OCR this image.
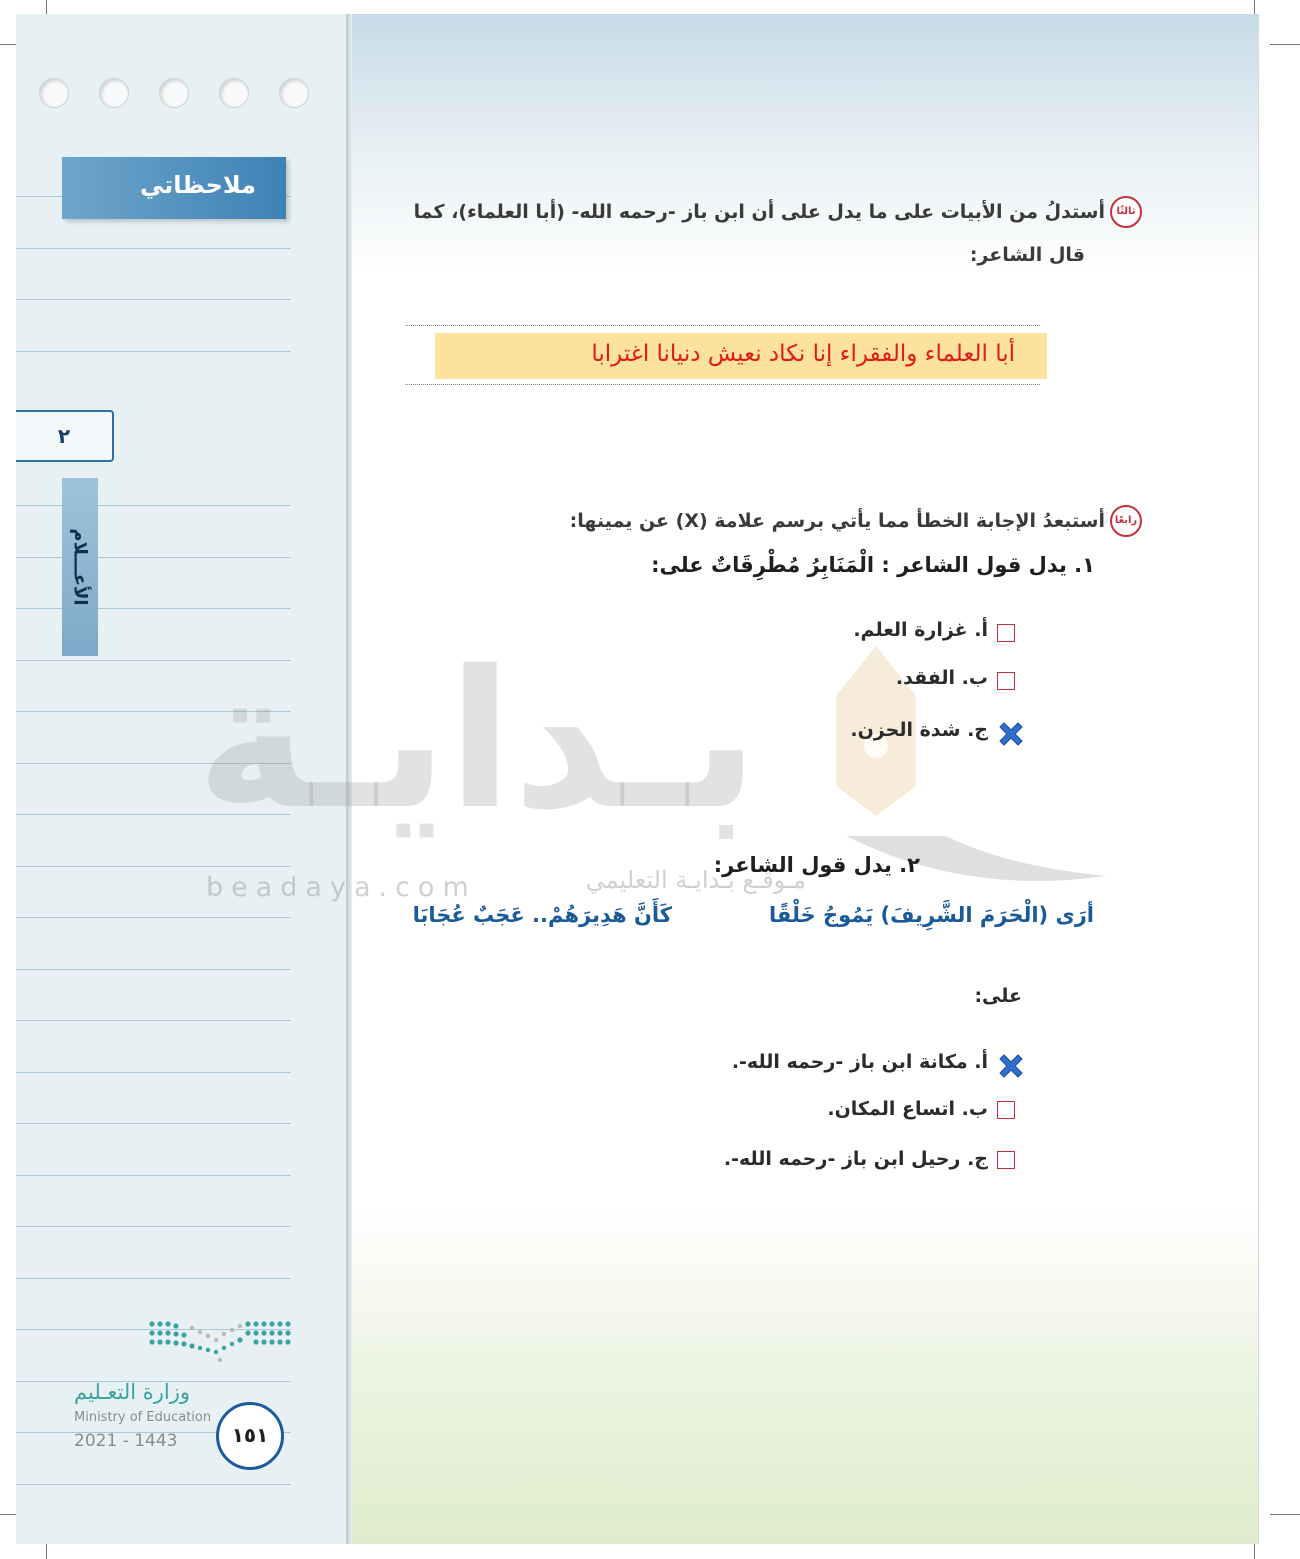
ملاحظاتي
٢
الأعـــلام
وزارة التعـليم
Ministry of Education
2021 - 1443	١٥١
بـدايـة
beadaya.com	مـوقـع بـدايـة التعليمي
ثالثًا
أستدلُ من الأبيات على ما يدل على أن ابن باز -رحمه الله- (أبا العلماء)، كما
قال الشاعر:
أبا العلماء والفقراء إنا نكاد نعيش دنيانا اغترابا
رابعًا
أستبعدُ الإجابة الخطأ مما يأتي برسم علامة (X) عن يمينها:
١. يدل قول الشاعر : الْمَنَابِرُ مُطْرِقَاتٌ على:
أ. غزارة العلم.
ب. الفقد.
ج. شدة الحزن.
٢. يدل قول الشاعر:
أرَى (الْحَرَمَ الشَّرِيفَ) يَمُوجُ خَلْقًا
كَأَنَّ هَدِيرَهُمْ.. عَجَبٌ عُجَابَا
على:
أ. مكانة ابن باز -رحمه الله-.
ب. اتساع المكان.
ج. رحيل ابن باز -رحمه الله-.
